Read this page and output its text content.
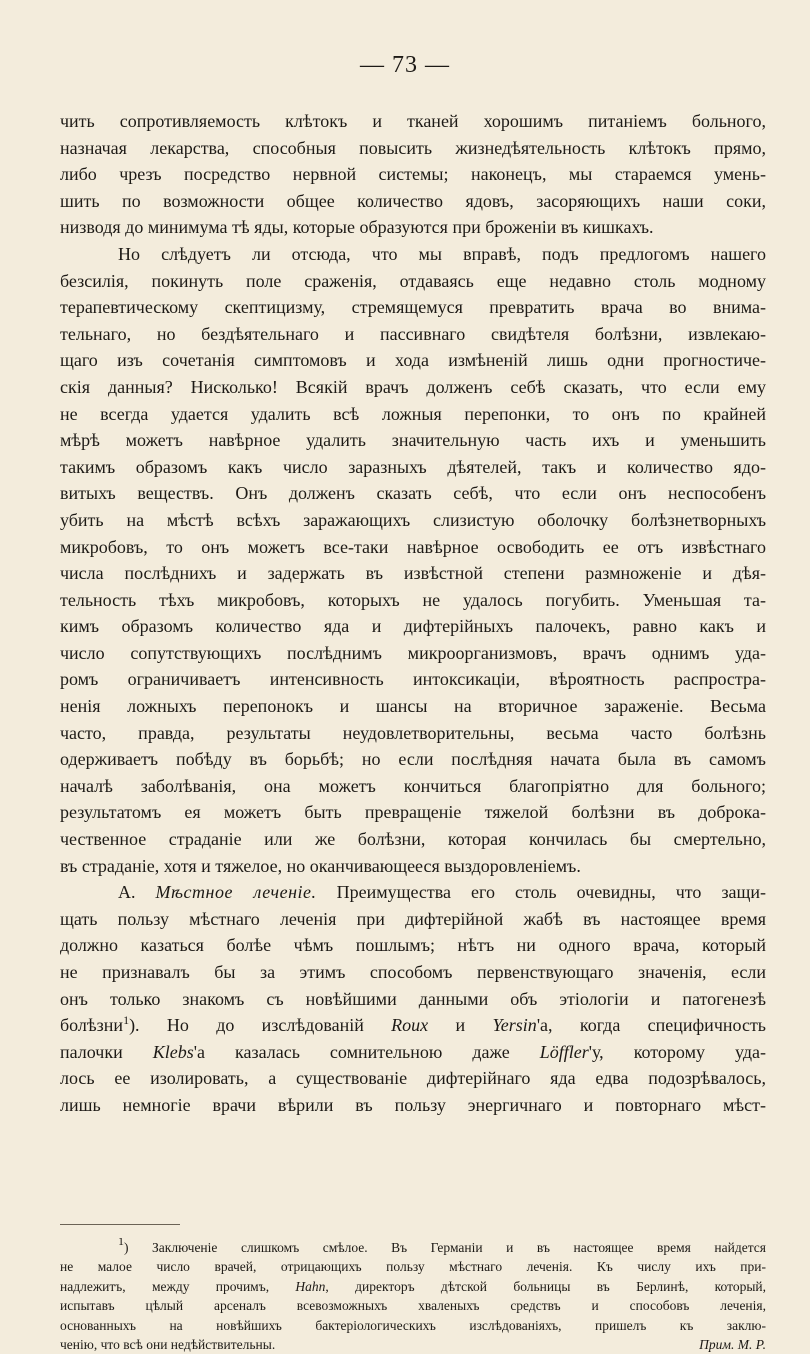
— 73 —
чить сопротивляемость клѣтокъ и тканей хорошимъ питаніемъ больного,
назначая лекарства, способныя повысить жизнедѣятельность клѣтокъ прямо,
либо чрезъ посредство нервной системы; наконецъ, мы стараемся умень-
шить по возможности общее количество ядовъ, засоряющихъ наши соки,
низводя до минимума тѣ яды, которые образуются при броженіи въ кишкахъ.
Но слѣдуетъ ли отсюда, что мы вправѣ, подъ предлогомъ нашего
безсилія, покинуть поле сраженія, отдаваясь еще недавно столь модному
терапевтическому скептицизму, стремящемуся превратить врача во внима-
тельнаго, но бездѣятельнаго и пассивнаго свидѣтеля болѣзни, извлекаю-
щаго изъ сочетанія симптомовъ и хода измѣненій лишь одни прогностиче-
скія данныя? Нисколько! Всякій врачъ долженъ себѣ сказать, что если ему
не всегда удается удалить всѣ ложныя перепонки, то онъ по крайней
мѣрѣ можетъ навѣрное удалить значительную часть ихъ и уменьшить
такимъ образомъ какъ число заразныхъ дѣятелей, такъ и количество ядо-
витыхъ веществъ. Онъ долженъ сказать себѣ, что если онъ неспособенъ
убить на мѣстѣ всѣхъ заражающихъ слизистую оболочку болѣзнетворныхъ
микробовъ, то онъ можетъ все-таки навѣрное освободить ее отъ извѣстнаго
числа послѣднихъ и задержать въ извѣстной степени размноженіе и дѣя-
тельность тѣхъ микробовъ, которыхъ не удалось погубить. Уменьшая та-
кимъ образомъ количество яда и дифтерійныхъ палочекъ, равно какъ и
число сопутствующихъ послѣднимъ микроорганизмовъ, врачъ однимъ уда-
ромъ ограничиваетъ интенсивность интоксикаціи, вѣроятность распростра-
ненія ложныхъ перепонокъ и шансы на вторичное зараженіе. Весьма
часто, правда, результаты неудовлетворительны, весьма часто болѣзнь
одерживаетъ побѣду въ борьбѣ; но если послѣдняя начата была въ самомъ
началѣ заболѣванія, она можетъ кончиться благопріятно для больного;
результатомъ ея можетъ быть превращеніе тяжелой болѣзни въ доброка-
чественное страданіе или же болѣзни, которая кончилась бы смертельно,
въ страданіе, хотя и тяжелое, но оканчивающееся выздоровленіемъ.
А. Мѣстное леченіе. Преимущества его столь очевидны, что защи-
щать пользу мѣстнаго леченія при дифтерійной жабѣ въ настоящее время
должно казаться болѣе чѣмъ пошлымъ; нѣтъ ни одного врача, который
не признавалъ бы за этимъ способомъ первенствующаго значенія, если
онъ только знакомъ съ новѣйшими данными объ этіологіи и патогенезѣ
болѣзни$^1$). Но до изслѣдованій Roux и Yersin'а, когда специфичность
палочки Klebs'а казалась сомнительною даже Löffler'у, которому уда-
лось ее изолировать, а существованіе дифтерійнаго яда едва подозрѣвалось,
лишь немногіе врачи вѣрили въ пользу энергичнаго и повторнаго мѣст-
$^1$) Заключеніе слишкомъ смѣлое. Въ Германіи и въ настоящее время найдется
не малое число врачей, отрицающихъ пользу мѣстнаго леченія. Къ числу ихъ при-
надлежитъ, между прочимъ, Hahn, директоръ дѣтской больницы въ Берлинѣ, который,
испытавъ цѣлый арсеналъ всевозможныхъ хваленыхъ средствъ и способовъ леченія,
основанныхъ на новѣйшихъ бактеріологическихъ изслѣдованіяхъ, пришелъ къ заклю-
ченію, что всѣ они недѣйствительны.	Прим. М. Р.
